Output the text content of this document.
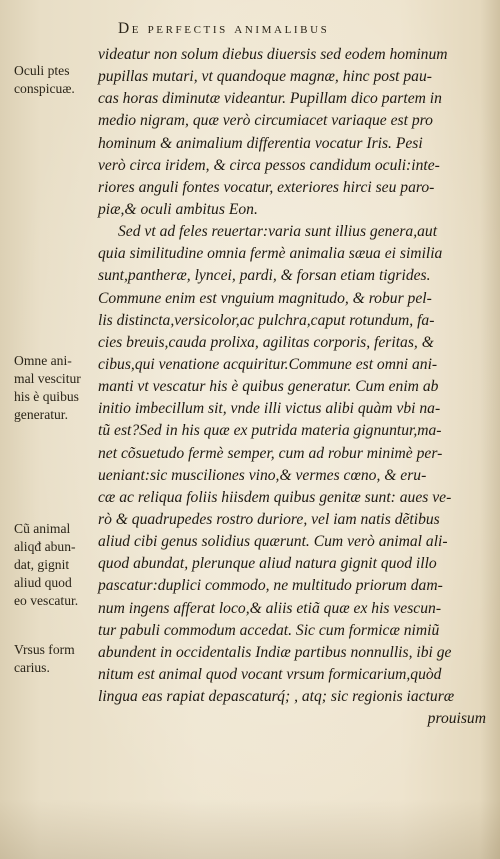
De perfectis animalibus
Oculi ptes
conspicuæ.
Omne ani-
mal vescitur
his è quibus
generatur.
Cũ animal
aliqđ abun-
dat, gignit
aliud quod
eo vescatur.
Vrsus form
carius.
videatur non solum diebus diuersis sed eodem hominum
pupillas mutari, vt quandoque magnæ, hinc post pau-
cas horas diminutæ videantur. Pupillam dico partem in
medio nigram, quæ verò circumiacet variaque est pro
hominum & animalium differentia vocatur Iris. Pesi
verò circa iridem, & circa pessos candidum oculi:inte-
riores anguli fontes vocatur, exteriores hirci seu paro-
piæ,& oculi ambitus Eon.
Sed vt ad feles reuertar:varia sunt illius genera,aut
quia similitudine omnia fermè animalia sæua ei similia
sunt,pantheræ, lyncei, pardi, & forsan etiam tigrides.
Commune enim est vnguium magnitudo, & robur pel-
lis distincta,versicolor,ac pulchra,caput rotundum, fa-
cies breuis,cauda prolixa, agilitas corporis, feritas, &
cibus,qui venatione acquiritur.Commune est omni ani-
manti vt vescatur his è quibus generatur. Cum enim ab
initio imbecillum sit, vnde illi victus alibi quàm vbi na-
tũ est?Sed in his quæ ex putrida materia gignuntur,ma-
net cõsuetudo fermè semper, cum ad robur minimè per-
ueniant:sic musciliones vino,& vermes cœno, & eru-
cæ ac reliqua foliis hiisdem quibus genitæ sunt: aues ve-
rò & quadrupedes rostro duriore, vel iam natis dẽtibus
aliud cibi genus solidius quærunt. Cum verò animal ali-
quod abundat, plerunque aliud natura gignit quod illo
pascatur:duplici commodo, ne multitudo priorum dam-
num ingens afferat loco,& aliis etiã quæ ex his vescun-
tur pabuli commodum accedat. Sic cum formicæ nimiũ
abundent in occidentalis Indiæ partibus nonnullis, ibi ge
nitum est animal quod vocant vrsum formicarium,quòd
lingua eas rapiat depascaturq́; , atq; sic regionis iacturæ
prouisum
